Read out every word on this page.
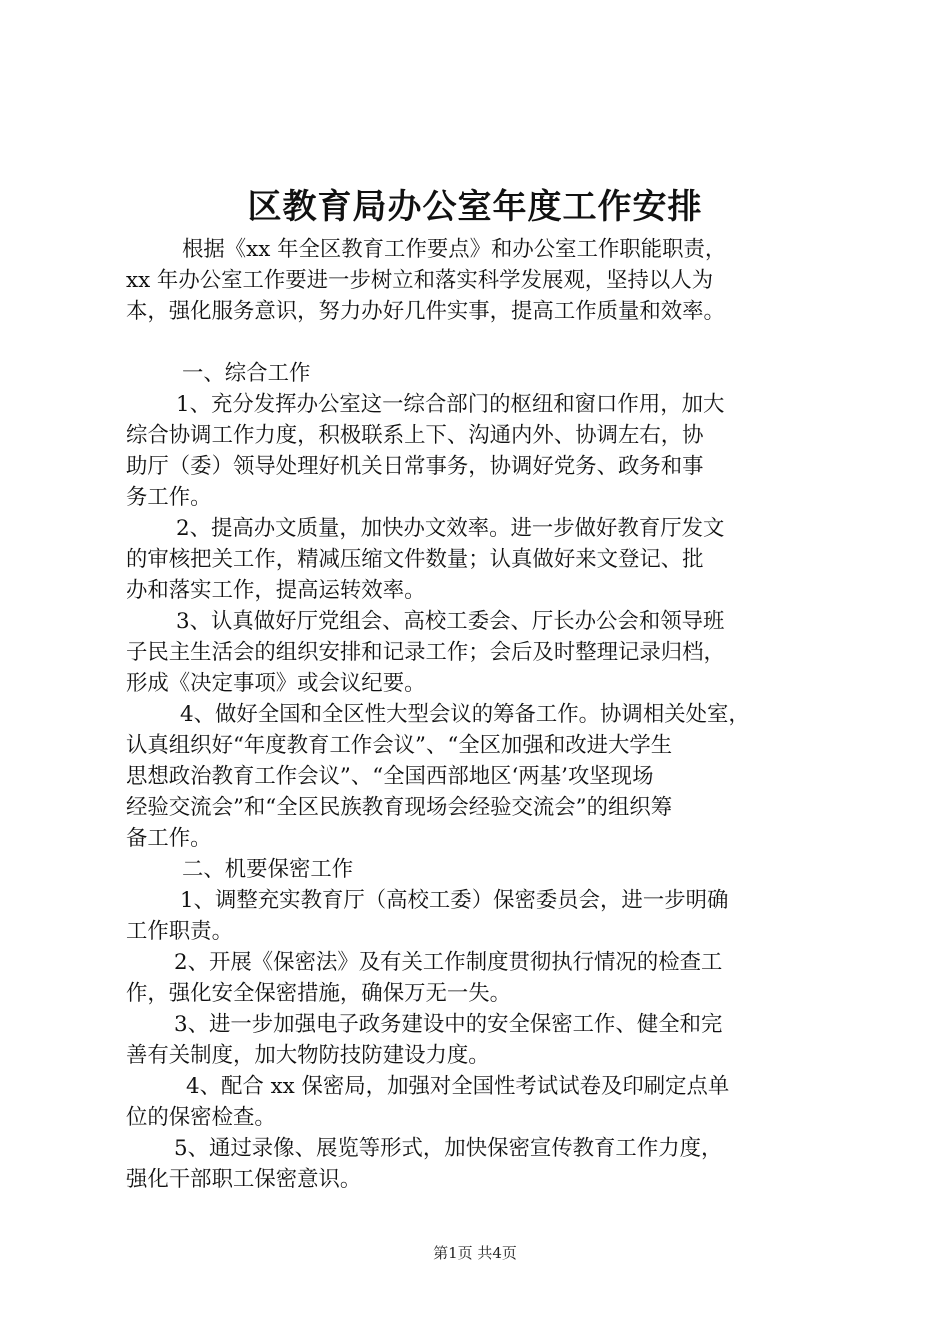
区教育局办公室年度工作安排
根据《xx 年全区教育工作要点》和办公室工作职能职责，
xx 年办公室工作要进一步树立和落实科学发展观，坚持以人为
本，强化服务意识，努力办好几件实事，提高工作质量和效率。
一、综合工作
1、充分发挥办公室这一综合部门的枢纽和窗口作用，加大
综合协调工作力度，积极联系上下、沟通内外、协调左右，协
助厅（委）领导处理好机关日常事务，协调好党务、政务和事
务工作。
2、提高办文质量，加快办文效率。进一步做好教育厅发文
的审核把关工作，精减压缩文件数量；认真做好来文登记、批
办和落实工作，提高运转效率。
3、认真做好厅党组会、高校工委会、厅长办公会和领导班
子民主生活会的组织安排和记录工作；会后及时整理记录归档，
形成《决定事项》或会议纪要。
4、做好全国和全区性大型会议的筹备工作。协调相关处室，
认真组织好“年度教育工作会议”、“全区加强和改进大学生
思想政治教育工作会议”、“全国西部地区‘两基’攻坚现场
经验交流会”和“全区民族教育现场会经验交流会”的组织筹
备工作。
二、机要保密工作
1、调整充实教育厅（高校工委）保密委员会，进一步明确
工作职责。
2、开展《保密法》及有关工作制度贯彻执行情况的检查工
作，强化安全保密措施，确保万无一失。
3、进一步加强电子政务建设中的安全保密工作、健全和完
善有关制度，加大物防技防建设力度。
4、配合 xx 保密局，加强对全国性考试试卷及印刷定点单
位的保密检查。
5、通过录像、展览等形式，加快保密宣传教育工作力度，
强化干部职工保密意识。
第1页 共4页
